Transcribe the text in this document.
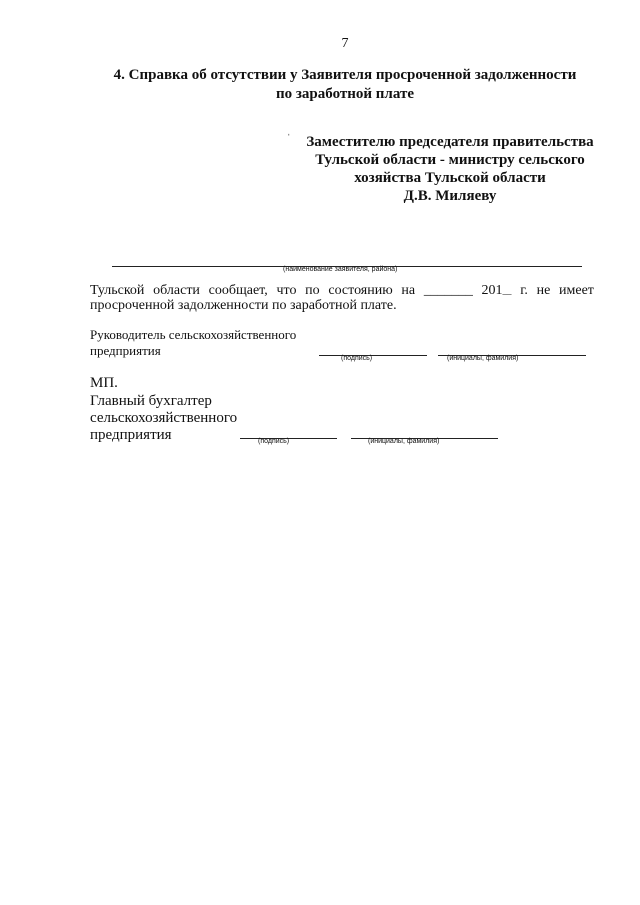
7
4. Справка об отсутствии у Заявителя просроченной задолженности
по заработной плате
ˈ	Заместителю председателя правительства
Тульской области - министру сельского
хозяйства Тульской области
Д.В. Миляеву
(наименование заявителя, района)
Тульской области сообщает, что по состоянию на _______ 201__ г. не имеет
просроченной задолженности по заработной плате.
Руководитель сельскохозяйственного
предприятия
(подпись)	(инициалы, фамилия)
МП.
Главный бухгалтер
сельскохозяйственного
предприятия	(подпись)	(инициалы, фамилия)
